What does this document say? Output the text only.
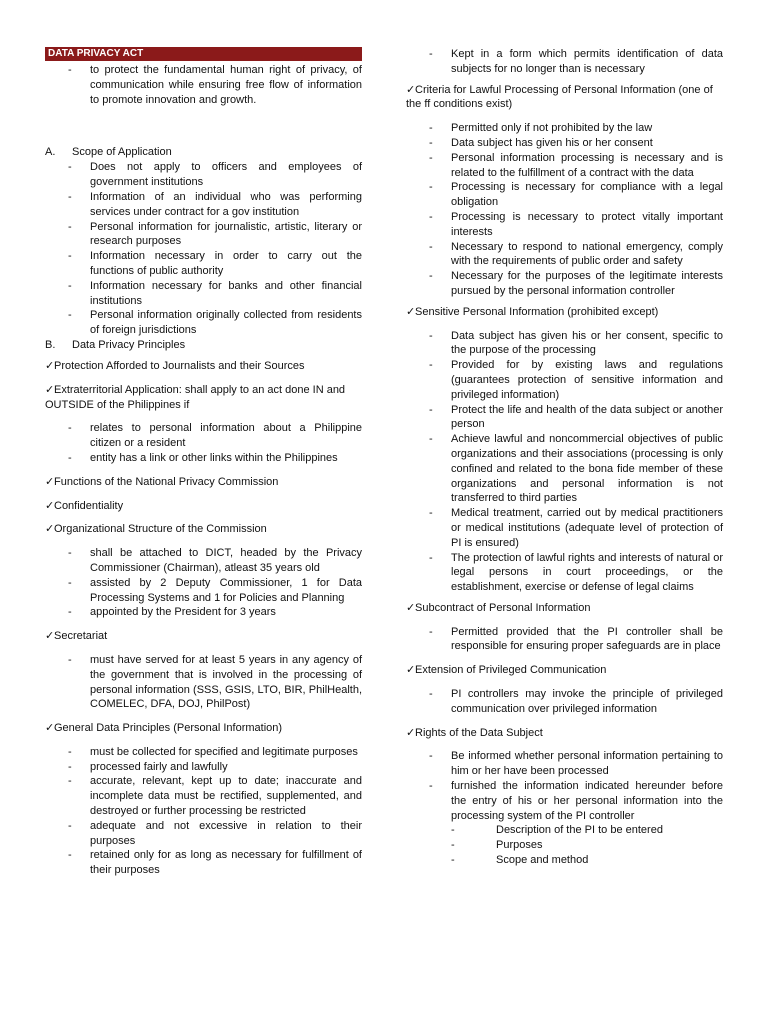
DATA PRIVACY ACT
- to protect the fundamental human right of privacy, of communication while ensuring free flow of information to promote innovation and growth.

A. Scope of Application

- Does not apply to officers and employees of government institutions
- Information of an individual who was performing services under contract for a gov institution
- Personal information for journalistic, artistic, literary or research purposes
- Information necessary in order to carry out the functions of public authority
- Information necessary for banks and other financial institutions
- Personal information originally collected from residents of foreign jurisdictions

B. Data Privacy Principles

✓Protection Afforded to Journalists and their Sources

✓Extraterritorial Application: shall apply to an act done IN and OUTSIDE of the Philippines if

- relates to personal information about a Philippine citizen or a resident
- entity has a link or other links within the Philippines

✓Functions of the National Privacy Commission

✓Confidentiality

✓Organizational Structure of the Commission

- shall be attached to DICT, headed by the Privacy Commissioner (Chairman), atleast 35 years old
- assisted by 2 Deputy Commissioner, 1 for Data Processing Systems and 1 for Policies and Planning
- appointed by the President for 3 years

✓Secretariat

- must have served for at least 5 years in any agency of the government that is involved in the processing of personal information (SSS, GSIS, LTO, BIR, PhilHealth, COMELEC, DFA, DOJ, PhilPost)

✓General Data Principles (Personal Information)

- must be collected for specified and legitimate purposes
- processed fairly and lawfully
- accurate, relevant, kept up to date; inaccurate and incomplete data must be rectified, supplemented, and destroyed or further processing be restricted
- adequate and not excessive in relation to their purposes
- retained only for as long as necessary for fulfillment of their purposes
- Kept in a form which permits identification of data subjects for no longer than is necessary

✓Criteria for Lawful Processing of Personal Information (one of the ff conditions exist)

- Permitted only if not prohibited by the law
- Data subject has given his or her consent
- Personal information processing is necessary and is related to the fulfillment of a contract with the data
- Processing is necessary for compliance with a legal obligation
- Processing is necessary to protect vitally important interests
- Necessary to respond to national emergency, comply with the requirements of public order and safety
- Necessary for the purposes of the legitimate interests pursued by the personal information controller

✓Sensitive Personal Information (prohibited except)

- Data subject has given his or her consent, specific to the purpose of the processing
- Provided for by existing laws and regulations (guarantees protection of sensitive information and privileged information)
- Protect the life and health of the data subject or another person
- Achieve lawful and noncommercial objectives of public organizations and their associations (processing is only confined and related to the bona fide member of these organizations and personal information is not transferred to third parties
- Medical treatment, carried out by medical practitioners or medical institutions (adequate level of protection of PI is ensured)
- The protection of lawful rights and interests of natural or legal persons in court proceedings, or the establishment, exercise or defense of legal claims

✓Subcontract of Personal Information

- Permitted provided that the PI controller shall be responsible for ensuring proper safeguards are in place

✓Extension of Privileged Communication

- PI controllers may invoke the principle of privileged communication over privileged information

✓Rights of the Data Subject

- Be informed whether personal information pertaining to him or her have been processed
- furnished the information indicated hereunder before the entry of his or her personal information into the processing system of the PI controller
- Description of the PI to be entered
- Purposes
- Scope and method
